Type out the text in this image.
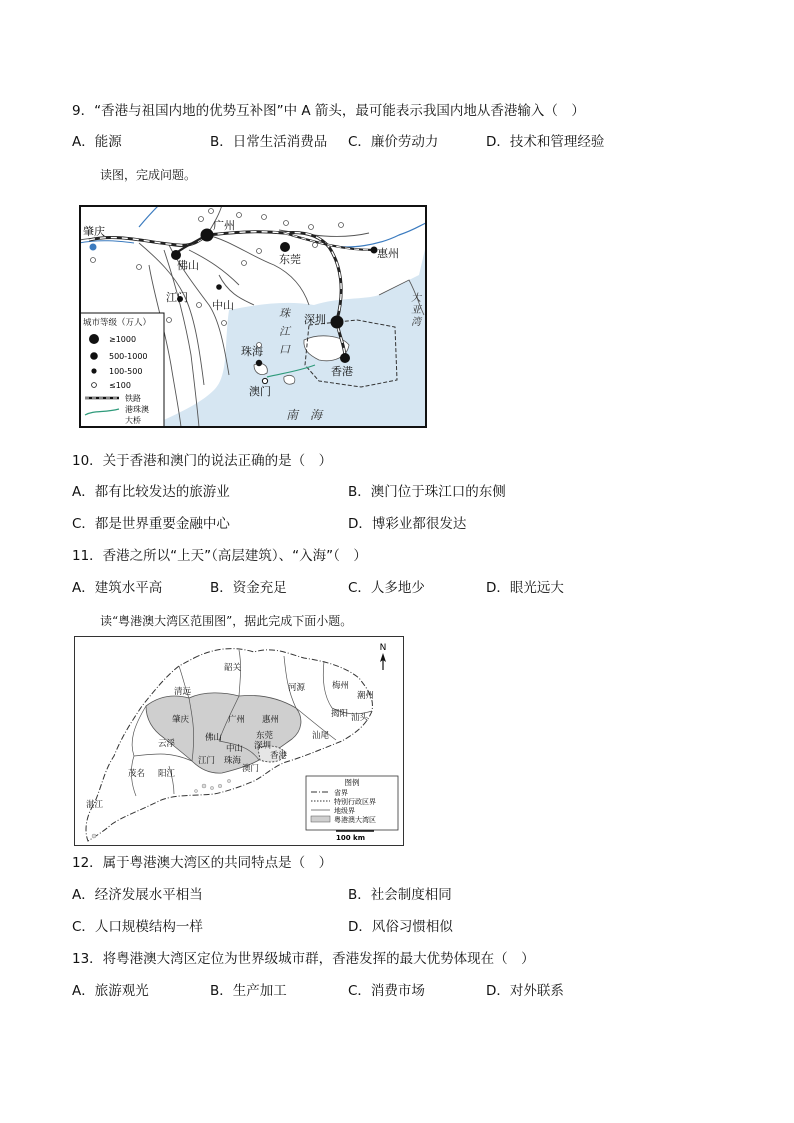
9．“香港与祖国内地的优势互补图”中 A 箭头，最可能表示我国内地从香港输入（　）
A．能源	B．日常生活消费品 C．廉价劳动力	D．技术和管理经验
读图，完成问题。
肇庆	广州
佛山	东莞	惠州
江门
中山
深圳
珠海
香港
澳门
珠
江
口
南　海
大
亚
湾
城市等级（万人）
≥1000
500-1000
100-500
≤100
铁路
港珠澳
大桥
10．关于香港和澳门的说法正确的是（　）
A．都有比较发达的旅游业	B．澳门位于珠江口的东侧
C．都是世界重要金融中心	D．博彩业都很发达
11．香港之所以“上天”（高层建筑）、“入海”（　）
A．建筑水平高	B．资金充足	C．人多地少	D．眼光远大
读“粤港澳大湾区范围图”，据此完成下面小题。
N
韶关
清远	河源	梅州
潮州
揭阳 汕头
汕尾
肇庆	广州 惠州
佛山	东莞
云浮	中山 深圳
香港
江门 珠海
澳门
茂名 阳江
湛江
图例
省界
特别行政区界
地级界
粤港澳大湾区
100 km
12．属于粤港澳大湾区的共同特点是（　）
A．经济发展水平相当	B．社会制度相同
C．人口规模结构一样	D．风俗习惯相似
13．将粤港澳大湾区定位为世界级城市群，香港发挥的最大优势体现在（　）
A．旅游观光	B．生产加工	C．消费市场	D．对外联系
